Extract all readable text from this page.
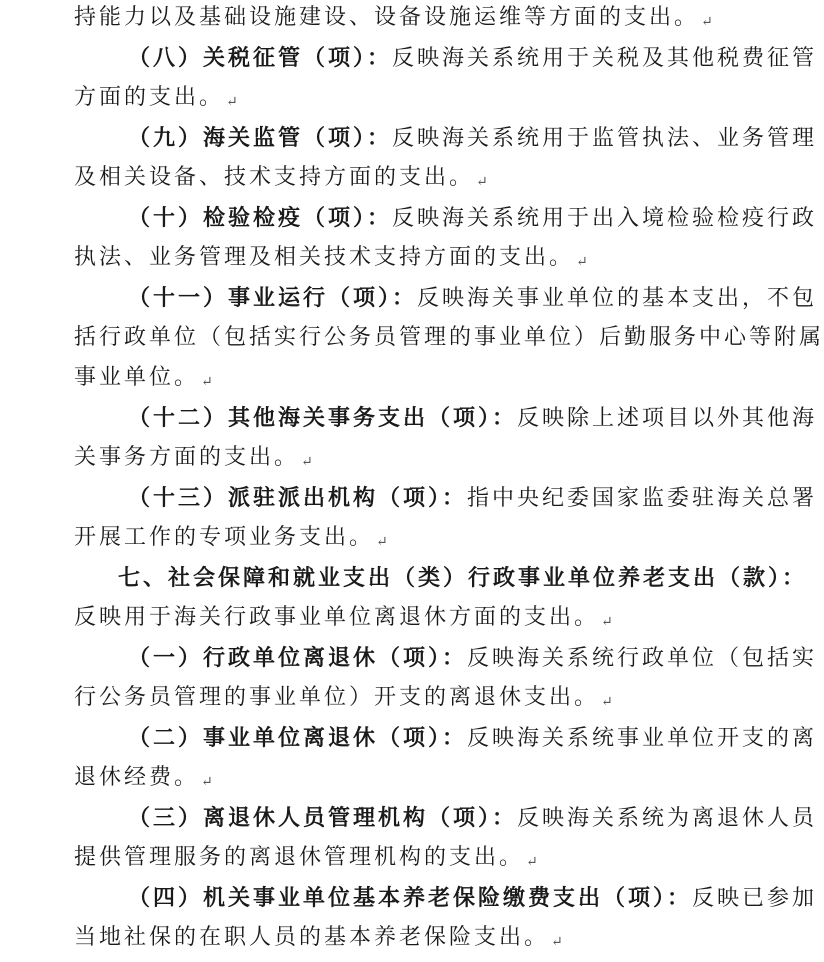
持能力以及基础设施建设、设备设施运维等方面的支出。 ↵
（八）关税征管（项）：反映海关系统用于关税及其他税费征管
方面的支出。 ↵
（九）海关监管（项）：反映海关系统用于监管执法、业务管理
及相关设备、技术支持方面的支出。 ↵
（十）检验检疫（项）：反映海关系统用于出入境检验检疫行政
执法、业务管理及相关技术支持方面的支出。 ↵
（十一）事业运行（项）：反映海关事业单位的基本支出，不包
括行政单位（包括实行公务员管理的事业单位）后勤服务中心等附属
事业单位。 ↵
（十二）其他海关事务支出（项）：反映除上述项目以外其他海
关事务方面的支出。 ↵
（十三）派驻派出机构（项）：指中央纪委国家监委驻海关总署
开展工作的专项业务支出。 ↵
七、社会保障和就业支出（类）行政事业单位养老支出（款）：
反映用于海关行政事业单位离退休方面的支出。 ↵
（一）行政单位离退休（项）：反映海关系统行政单位（包括实
行公务员管理的事业单位）开支的离退休支出。 ↵
（二）事业单位离退休（项）：反映海关系统事业单位开支的离
退休经费。 ↵
（三）离退休人员管理机构（项）：反映海关系统为离退休人员
提供管理服务的离退休管理机构的支出。 ↵
（四）机关事业单位基本养老保险缴费支出（项）：反映已参加
当地社保的在职人员的基本养老保险支出。 ↵
